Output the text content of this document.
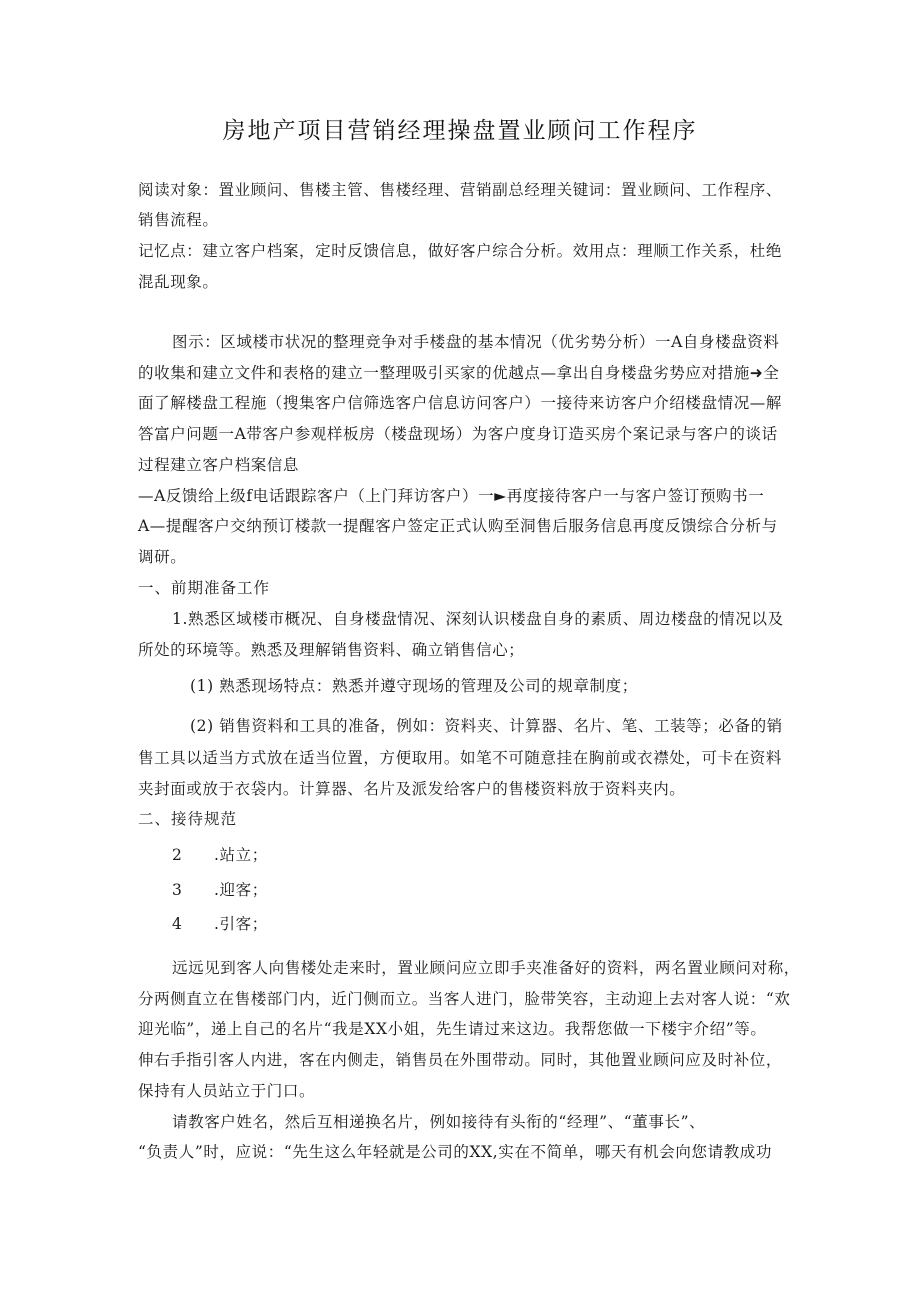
房地产项目营销经理操盘置业顾问工作程序
阅读对象：置业顾问、售楼主管、售楼经理、营销副总经理关键词：置业顾问、工作程序、
销售流程。
记忆点：建立客户档案，定时反馈信息，做好客户综合分析。效用点：理顺工作关系，杜绝
混乱现象。
图示：区域楼市状况的整理竞争对手楼盘的基本情况（优劣势分析）一A自身楼盘资料
的收集和建立文件和表格的建立一整理吸引买家的优越点—拿出自身楼盘劣势应对措施➜全
面了解楼盘工程施（搜集客户信筛选客户信息访问客户）一接待来访客户介绍楼盘情况—解
答富户问题一A带客户参观样板房（楼盘现场）为客户度身订造买房个案记录与客户的谈话
过程建立客户档案信息
—A反馈给上级f电话跟踪客户（上门拜访客户）一►再度接待客户一与客户签订预购书一
A—提醒客户交纳预订楼款一提醒客户签定正式认购至洞售后服务信息再度反馈综合分析与
调研。
一、前期准备工作
1.熟悉区域楼市概况、自身楼盘情况、深刻认识楼盘自身的素质、周边楼盘的情况以及
所处的环境等。熟悉及理解销售资料、确立销售信心；
(1) 熟悉现场特点：熟悉并遵守现场的管理及公司的规章制度；
(2) 销售资料和工具的准备，例如：资料夹、计算器、名片、笔、工装等；必备的销
售工具以适当方式放在适当位置，方便取用。如笔不可随意挂在胸前或衣襟处，可卡在资料
夹封面或放于衣袋内。计算器、名片及派发给客户的售楼资料放于资料夹内。
二、接待规范
2 .站立；
3 .迎客；
4 .引客；
远远见到客人向售楼处走来时，置业顾问应立即手夹准备好的资料，两名置业顾问对称，
分两侧直立在售楼部门内，近门侧而立。当客人进门，脸带笑容，主动迎上去对客人说：“欢
迎光临”，递上自己的名片“我是XX小姐，先生请过来这边。我帮您做一下楼宇介绍”等。
伸右手指引客人内进，客在内侧走，销售员在外围带动。同时，其他置业顾问应及时补位，
保持有人员站立于门口。
请教客户姓名，然后互相递换名片，例如接待有头衔的“经理”、“董事长”、
“负责人”时，应说：“先生这么年轻就是公司的XX,实在不简单，哪天有机会向您请教成功
